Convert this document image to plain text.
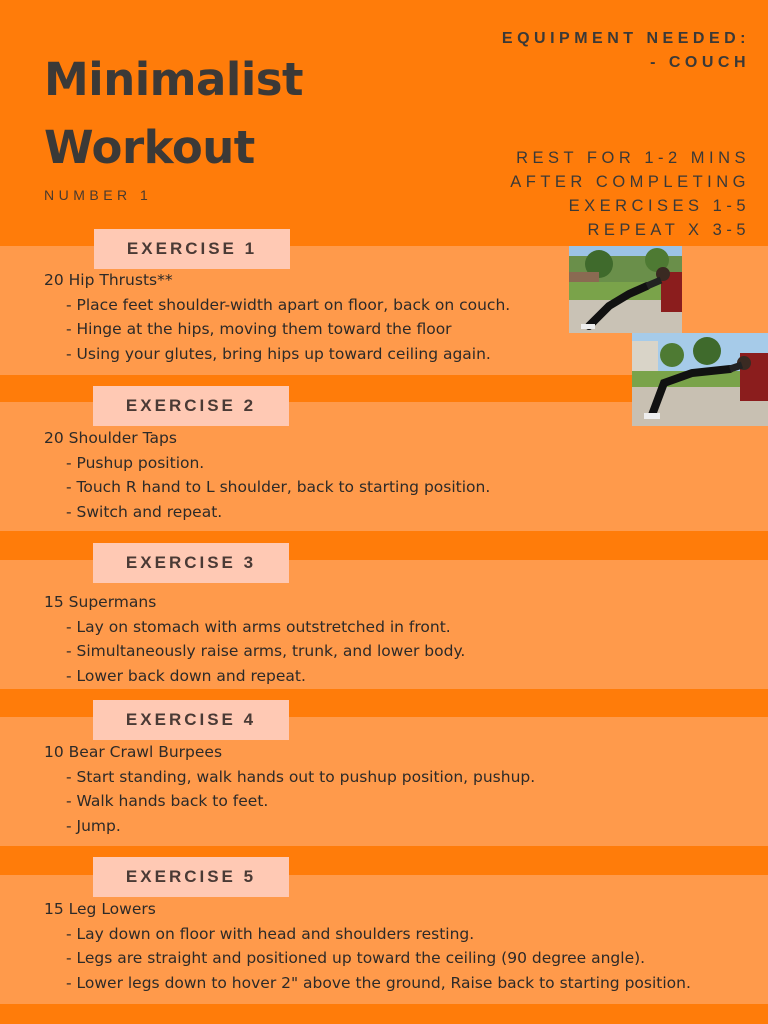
Minimalist
Workout
NUMBER 1
EQUIPMENT NEEDED:
- COUCH
REST FOR 1-2 MINS
AFTER COMPLETING
EXERCISES 1-5
REPEAT X 3-5
EXERCISE 1
20 Hip Thrusts**
- Place feet shoulder-width apart on floor, back on couch.
- Hinge at the hips, moving them toward the floor
- Using your glutes, bring hips up toward ceiling again.
EXERCISE 2
20 Shoulder Taps
- Pushup position.
- Touch R hand to L shoulder, back to starting position.
- Switch and repeat.
EXERCISE 3
15 Supermans
- Lay on stomach with arms outstretched in front.
- Simultaneously raise arms, trunk, and lower body.
- Lower back down and repeat.
EXERCISE 4
10 Bear Crawl Burpees
- Start standing, walk hands out to pushup position, pushup.
- Walk hands back to feet.
- Jump.
EXERCISE 5
15 Leg Lowers
- Lay down on floor with head and shoulders resting.
- Legs are straight and positioned up toward the ceiling (90 degree angle).
- Lower legs down to hover 2" above the ground, Raise back to starting position.
